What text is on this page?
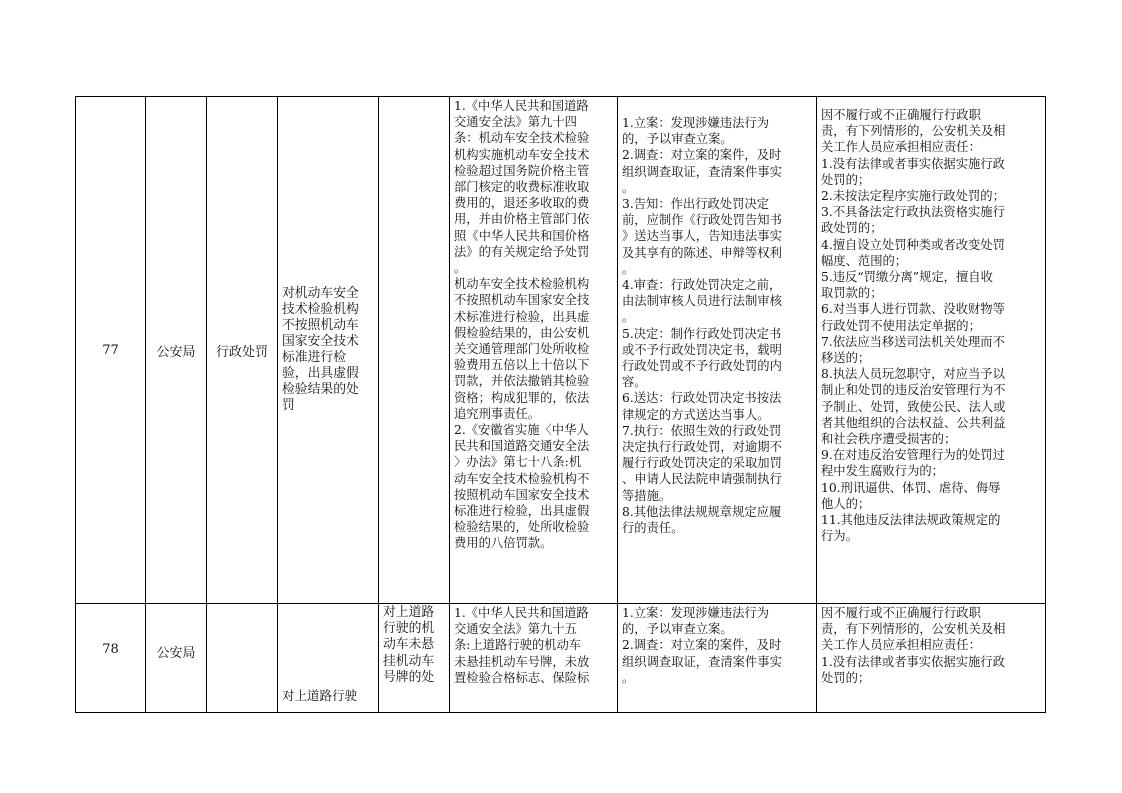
77	公安局 行政处罚
对机动车安全
技术检验机构
不按照机动车
国家安全技术
标准进行检
验，出具虚假
检验结果的处
罚
1.《中华人民共和国道路
交通安全法》第九十四
条：机动车安全技术检验
机构实施机动车安全技术
检验超过国务院价格主管
部门核定的收费标准收取
费用的，退还多收取的费
用，并由价格主管部门依
照《中华人民共和国价格
法》的有关规定给予处罚
。
机动车安全技术检验机构
不按照机动车国家安全技
术标准进行检验，出具虚
假检验结果的，由公安机
关交通管理部门处所收检
验费用五倍以上十倍以下
罚款，并依法撤销其检验
资格；构成犯罪的，依法
追究刑事责任。
2.《安徽省实施〈中华人
民共和国道路交通安全法
〉办法》第七十八条:机
动车安全技术检验机构不
按照机动车国家安全技术
标准进行检验，出具虚假
检验结果的，处所收检验
费用的八倍罚款。
1.立案：发现涉嫌违法行为
的，予以审查立案。
2.调查：对立案的案件，及时
组织调查取证，查清案件事实
。
3.告知：作出行政处罚决定
前，应制作《行政处罚告知书
》送达当事人，告知违法事实
及其享有的陈述、申辩等权利
。
4.审查：行政处罚决定之前，
由法制审核人员进行法制审核
。
5.决定：制作行政处罚决定书
或不予行政处罚决定书，载明
行政处罚或不予行政处罚的内
容。
6.送达：行政处罚决定书按法
律规定的方式送达当事人。
7.执行：依照生效的行政处罚
决定执行行政处罚，对逾期不
履行行政处罚决定的采取加罚
、申请人民法院申请强制执行
等措施。
8.其他法律法规规章规定应履
行的责任。
因不履行或不正确履行行政职
责，有下列情形的，公安机关及相
关工作人员应承担相应责任：
1.没有法律或者事实依据实施行政
处罚的；
2.未按法定程序实施行政处罚的；
3.不具备法定行政执法资格实施行
政处罚的；
4.擅自设立处罚种类或者改变处罚
幅度、范围的；
5.违反“罚缴分离”规定，擅自收
取罚款的；
6.对当事人进行罚款、没收财物等
行政处罚不使用法定单据的；
7.依法应当移送司法机关处理而不
移送的；
8.执法人员玩忽职守，对应当予以
制止和处罚的违反治安管理行为不
予制止、处罚，致使公民、法人或
者其他组织的合法权益、公共利益
和社会秩序遭受损害的；
9.在对违反治安管理行为的处罚过
程中发生腐败行为的；
10.刑讯逼供、体罚、虐待、侮辱
他人的；
11.其他违反法律法规政策规定的
行为。
78	公安局
对上道路行驶
对上道路
行驶的机
动车未悬
挂机动车
号牌的处
1.《中华人民共和国道路
交通安全法》第九十五
条:上道路行驶的机动车
未悬挂机动车号牌，未放
置检验合格标志、保险标
1.立案：发现涉嫌违法行为
的，予以审查立案。
2.调查：对立案的案件，及时
组织调查取证，查清案件事实
。
因不履行或不正确履行行政职
责，有下列情形的，公安机关及相
关工作人员应承担相应责任：
1.没有法律或者事实依据实施行政
处罚的；
